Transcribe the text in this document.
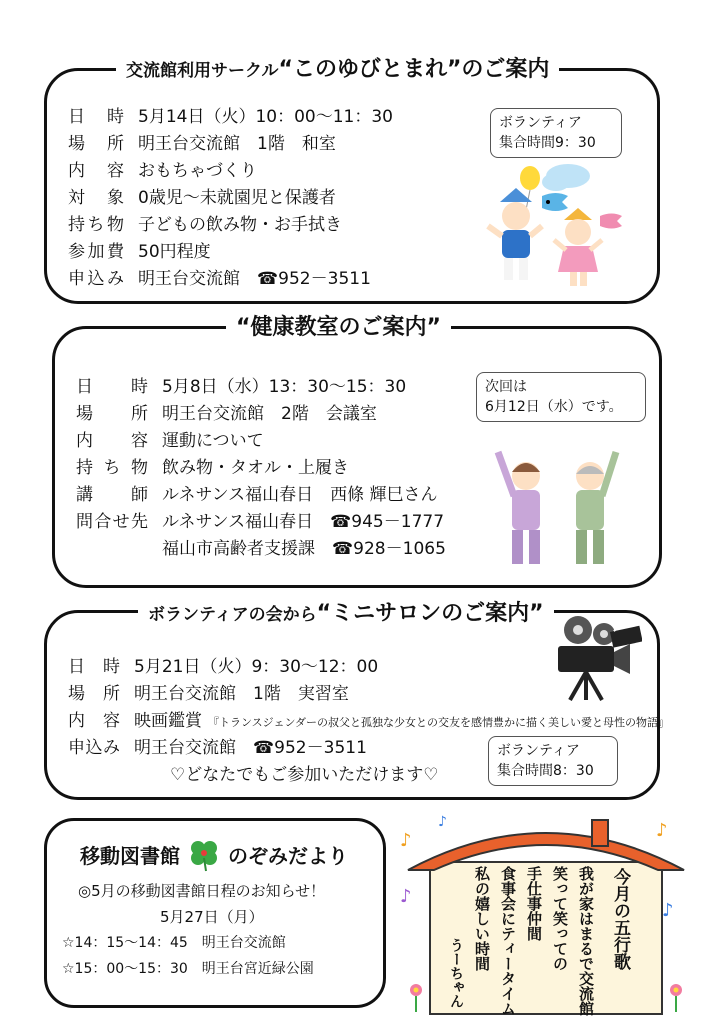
交流館利用サークル“このゆびとまれ”のご案内
日　時 5月14日（火）10：00～11：30
場　所 明王台交流館　1階　和室
内　容 おもちゃづくり
対　象 0歳児～未就園児と保護者
持ち物 子どもの飲み物・お手拭き
参加費 50円程度
申込み 明王台交流館　☎952－3511
ボランティア
集合時間9：30
“健康教室のご案内”
日　　時 5月8日（水）13：30～15：30
場　　所 明王台交流館　2階　会議室
内　　容 運動について
持 ち 物 飲み物・タオル・上履き
講　　師 ルネサンス福山春日　西條 輝巳さん
問合せ先 ルネサンス福山春日　☎945－1777
福山市高齢者支援課　☎928－1065
次回は
6月12日（水）です。
ボランティアの会から“ミニサロンのご案内”
日　時 5月21日（火）9：30～12：00
場　所 明王台交流館　1階　実習室
内　容 映画鑑賞 『トランスジェンダーの叔父と孤独な少女との交友を感情豊かに描く美しい愛と母性の物語』
申込み 明王台交流館　☎952－3511
♡どなたでもご参加いただけます♡
ボランティア
集合時間8：30
移動図書館 のぞみだより
◎5月の移動図書館日程のお知らせ！
5月27日（月）
☆14：15～14：45　明王台交流館
☆15：00～15：30　明王台宮近緑公園
♪
♪
♪
♪
♪
今月の五行歌
我が家はまるで交流館
笑って笑っての
手仕事仲間
食事会にティータイム
私の嬉しい時間
うーちゃん
